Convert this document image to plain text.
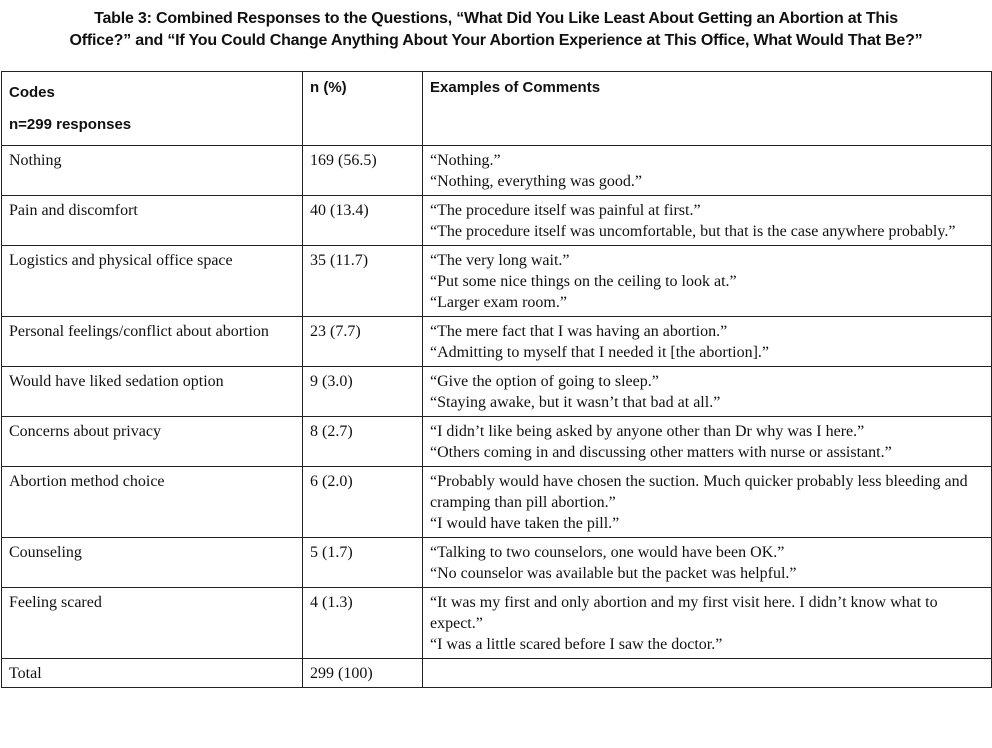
Table 3: Combined Responses to the Questions, “What Did You Like Least About Getting an Abortion at This
Office?” and “If You Could Change Anything About Your Abortion Experience at This Office, What Would That Be?”
Codes
n=299 responses	n (%)	Examples of Comments
Nothing	169 (56.5)	“Nothing.”
“Nothing, everything was good.”

Pain and discomfort	40 (13.4)	“The procedure itself was painful at first.”
“The procedure itself was uncomfortable, but that is the case anywhere probably.”

Logistics and physical office space	35 (11.7)	“The very long wait.”
“Put some nice things on the ceiling to look at.”
“Larger exam room.”

Personal feelings/conflict about abortion	23 (7.7)	“The mere fact that I was having an abortion.”
“Admitting to myself that I needed it [the abortion].”

Would have liked sedation option	9 (3.0)	“Give the option of going to sleep.”
“Staying awake, but it wasn’t that bad at all.”

Concerns about privacy	8 (2.7)	“I didn’t like being asked by anyone other than Dr why was I here.”
“Others coming in and discussing other matters with nurse or assistant.”

Abortion method choice	6 (2.0)	“Probably would have chosen the suction. Much quicker probably less bleeding and cramping than pill abortion.”
“I would have taken the pill.”

Counseling	5 (1.7)	“Talking to two counselors, one would have been OK.”
“No counselor was available but the packet was helpful.”

Feeling scared	4 (1.3)	“It was my first and only abortion and my first visit here. I didn’t know what to expect.”
“I was a little scared before I saw the doctor.”

Total	299 (100)	
